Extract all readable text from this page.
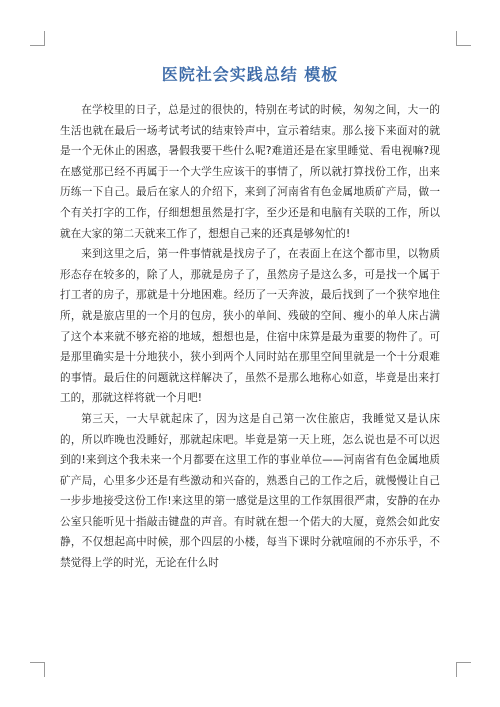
医院社会实践总结 模板

在学校里的日子，总是过的很快的，特别在考试的时候，匆匆之间，大一的生活也就在最后一场考试考试的结束铃声中，宣示着结束。那么接下来面对的就是一个无休止的困惑，暑假我要干些什么呢?难道还是在家里睡觉、看电视嘛?现在感觉那已经不再属于一个大学生应该干的事情了，所以就打算找份工作，出来历练一下自己。最后在家人的介绍下，来到了河南省有色金属地质矿产局，做一个有关打字的工作，仔细想想虽然是打字，至少还是和电脑有关联的工作，所以就在大家的第二天就来工作了，想想自己来的还真是够匆忙的!

来到这里之后，第一件事情就是找房子了，在表面上在这个都市里，以物质形态存在较多的，除了人，那就是房子了，虽然房子是这么多，可是找一个属于打工者的房子，那就是十分地困难。经历了一天奔波，最后找到了一个狭窄地住所，就是旅店里的一个月的包房，狭小的单间、残破的空间、瘦小的单人床占满了这个本来就不够充裕的地域，想想也是，住宿中床算是最为重要的物件了。可是那里确实是十分地狭小，狭小到两个人同时站在那里空间里就是一个十分艰难的事情。最后住的问题就这样解决了，虽然不是那么地称心如意，毕竟是出来打工的，那就这样将就一个月吧!

第三天，一大早就起床了，因为这是自己第一次住旅店，我睡觉又是认床的，所以昨晚也没睡好，那就起床吧。毕竟是第一天上班，怎么说也是不可以迟到的!来到这个我未来一个月都要在这里工作的事业单位——河南省有色金属地质矿产局，心里多少还是有些激动和兴奋的，熟悉自己的工作之后，就慢慢让自己一步步地接受这份工作!来这里的第一感觉是这里的工作氛围很严肃，安静的在办公室只能听见十指敲击键盘的声音。有时就在想一个偌大的大厦，竟然会如此安静，不仅想起高中时候，那个四层的小楼，每当下课时分就喧闹的不亦乐乎，不禁觉得上学的时光，无论在什么时
